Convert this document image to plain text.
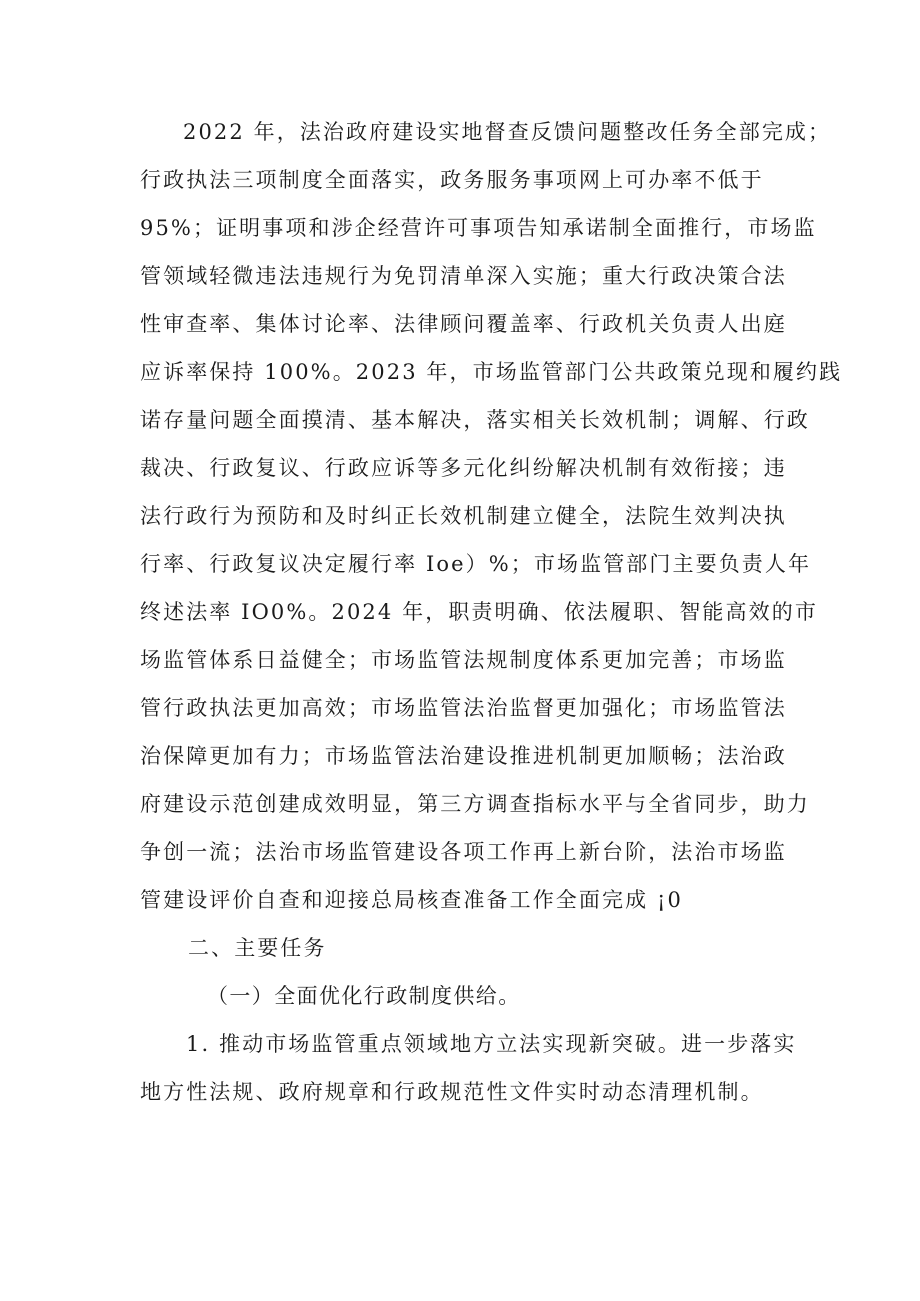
2022 年，法治政府建设实地督查反馈问题整改任务全部完成；
行政执法三项制度全面落实，政务服务事项网上可办率不低于
95%；证明事项和涉企经营许可事项告知承诺制全面推行，市场监
管领域轻微违法违规行为免罚清单深入实施；重大行政决策合法
性审查率、集体讨论率、法律顾问覆盖率、行政机关负责人出庭
应诉率保持 100%。2023 年，市场监管部门公共政策兑现和履约践
诺存量问题全面摸清、基本解决，落实相关长效机制；调解、行政
裁决、行政复议、行政应诉等多元化纠纷解决机制有效衔接；违
法行政行为预防和及时纠正长效机制建立健全，法院生效判决执
行率、行政复议决定履行率 Ioe）%；市场监管部门主要负责人年
终述法率 IO0%。2024 年，职责明确、依法履职、智能高效的市
场监管体系日益健全；市场监管法规制度体系更加完善；市场监
管行政执法更加高效；市场监管法治监督更加强化；市场监管法
治保障更加有力；市场监管法治建设推进机制更加顺畅；法治政
府建设示范创建成效明显，第三方调查指标水平与全省同步，助力
争创一流；法治市场监管建设各项工作再上新台阶，法治市场监
管建设评价自查和迎接总局核查准备工作全面完成 ¡0
二、主要任务
（一）全面优化行政制度供给。
1. 推动市场监管重点领域地方立法实现新突破。进一步落实
地方性法规、政府规章和行政规范性文件实时动态清理机制。
